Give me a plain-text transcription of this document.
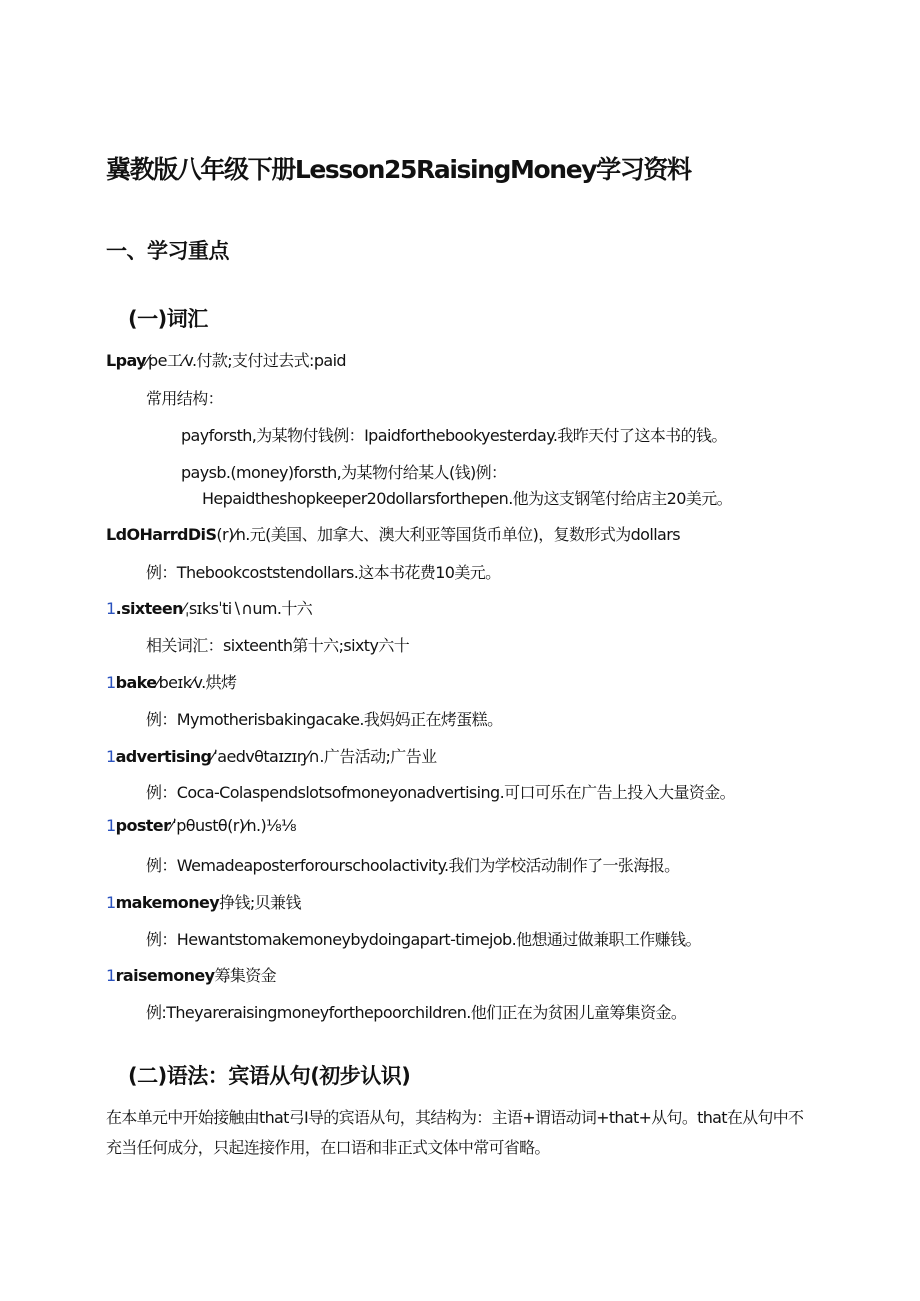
冀教版八年级下册Lesson25RaisingMoney学习资料
一、学习重点
(一)词汇

Lpay⁄pe工⁄v.付款;支付过去式:paid

常用结构：

payforsth,为某物付钱例：Ipaidforthebookyesterday.我昨天付了这本书的钱。

paysb.(money)forsth,为某物付给某人(钱)例：

Hepaidtheshopkeeper20dollarsforthepen.他为这支钢笔付给店主20美元。

LdOHarrdDiS(r)⁄n.元(美国、加拿大、澳大利亚等国货币单位)，复数形式为dollars

例：Thebookcoststendollars.这本书花费10美元。

1.sixteen⁄ˌsɪksˈti∖∩um.十六

相关词汇：sixteenth第十六;sixty六十

1bake⁄beɪk⁄v.烘烤

例：Mymotherisbakingacake.我妈妈正在烤蛋糕。

1advertising⁄ˈaedvθtaɪzɪŋ⁄∩.广告活动;广告业

例：Coca-Colaspendslotsofmoneyonadvertising.可口可乐在广告上投入大量资金。

1poster⁄ˈpθustθ(r)⁄n.)⅛⅛

例：Wemadeaposterforourschoolactivity.我们为学校活动制作了一张海报。

1makemoney挣钱;贝兼钱

例：Hewantstomakemoneybydoingapart-timejob.他想通过做兼职工作赚钱。

1raisemoney筹集资金

例:Theyareraisingmoneyforthepoorchildren.他们正在为贫困儿童筹集资金。

(二)语法：宾语从句(初步认识)

在本单元中开始接触由that弓I导的宾语从句，其结构为：主语+谓语动词+that+从句。that在从句中不

充当任何成分，只起连接作用，在口语和非正式文体中常可省略。
